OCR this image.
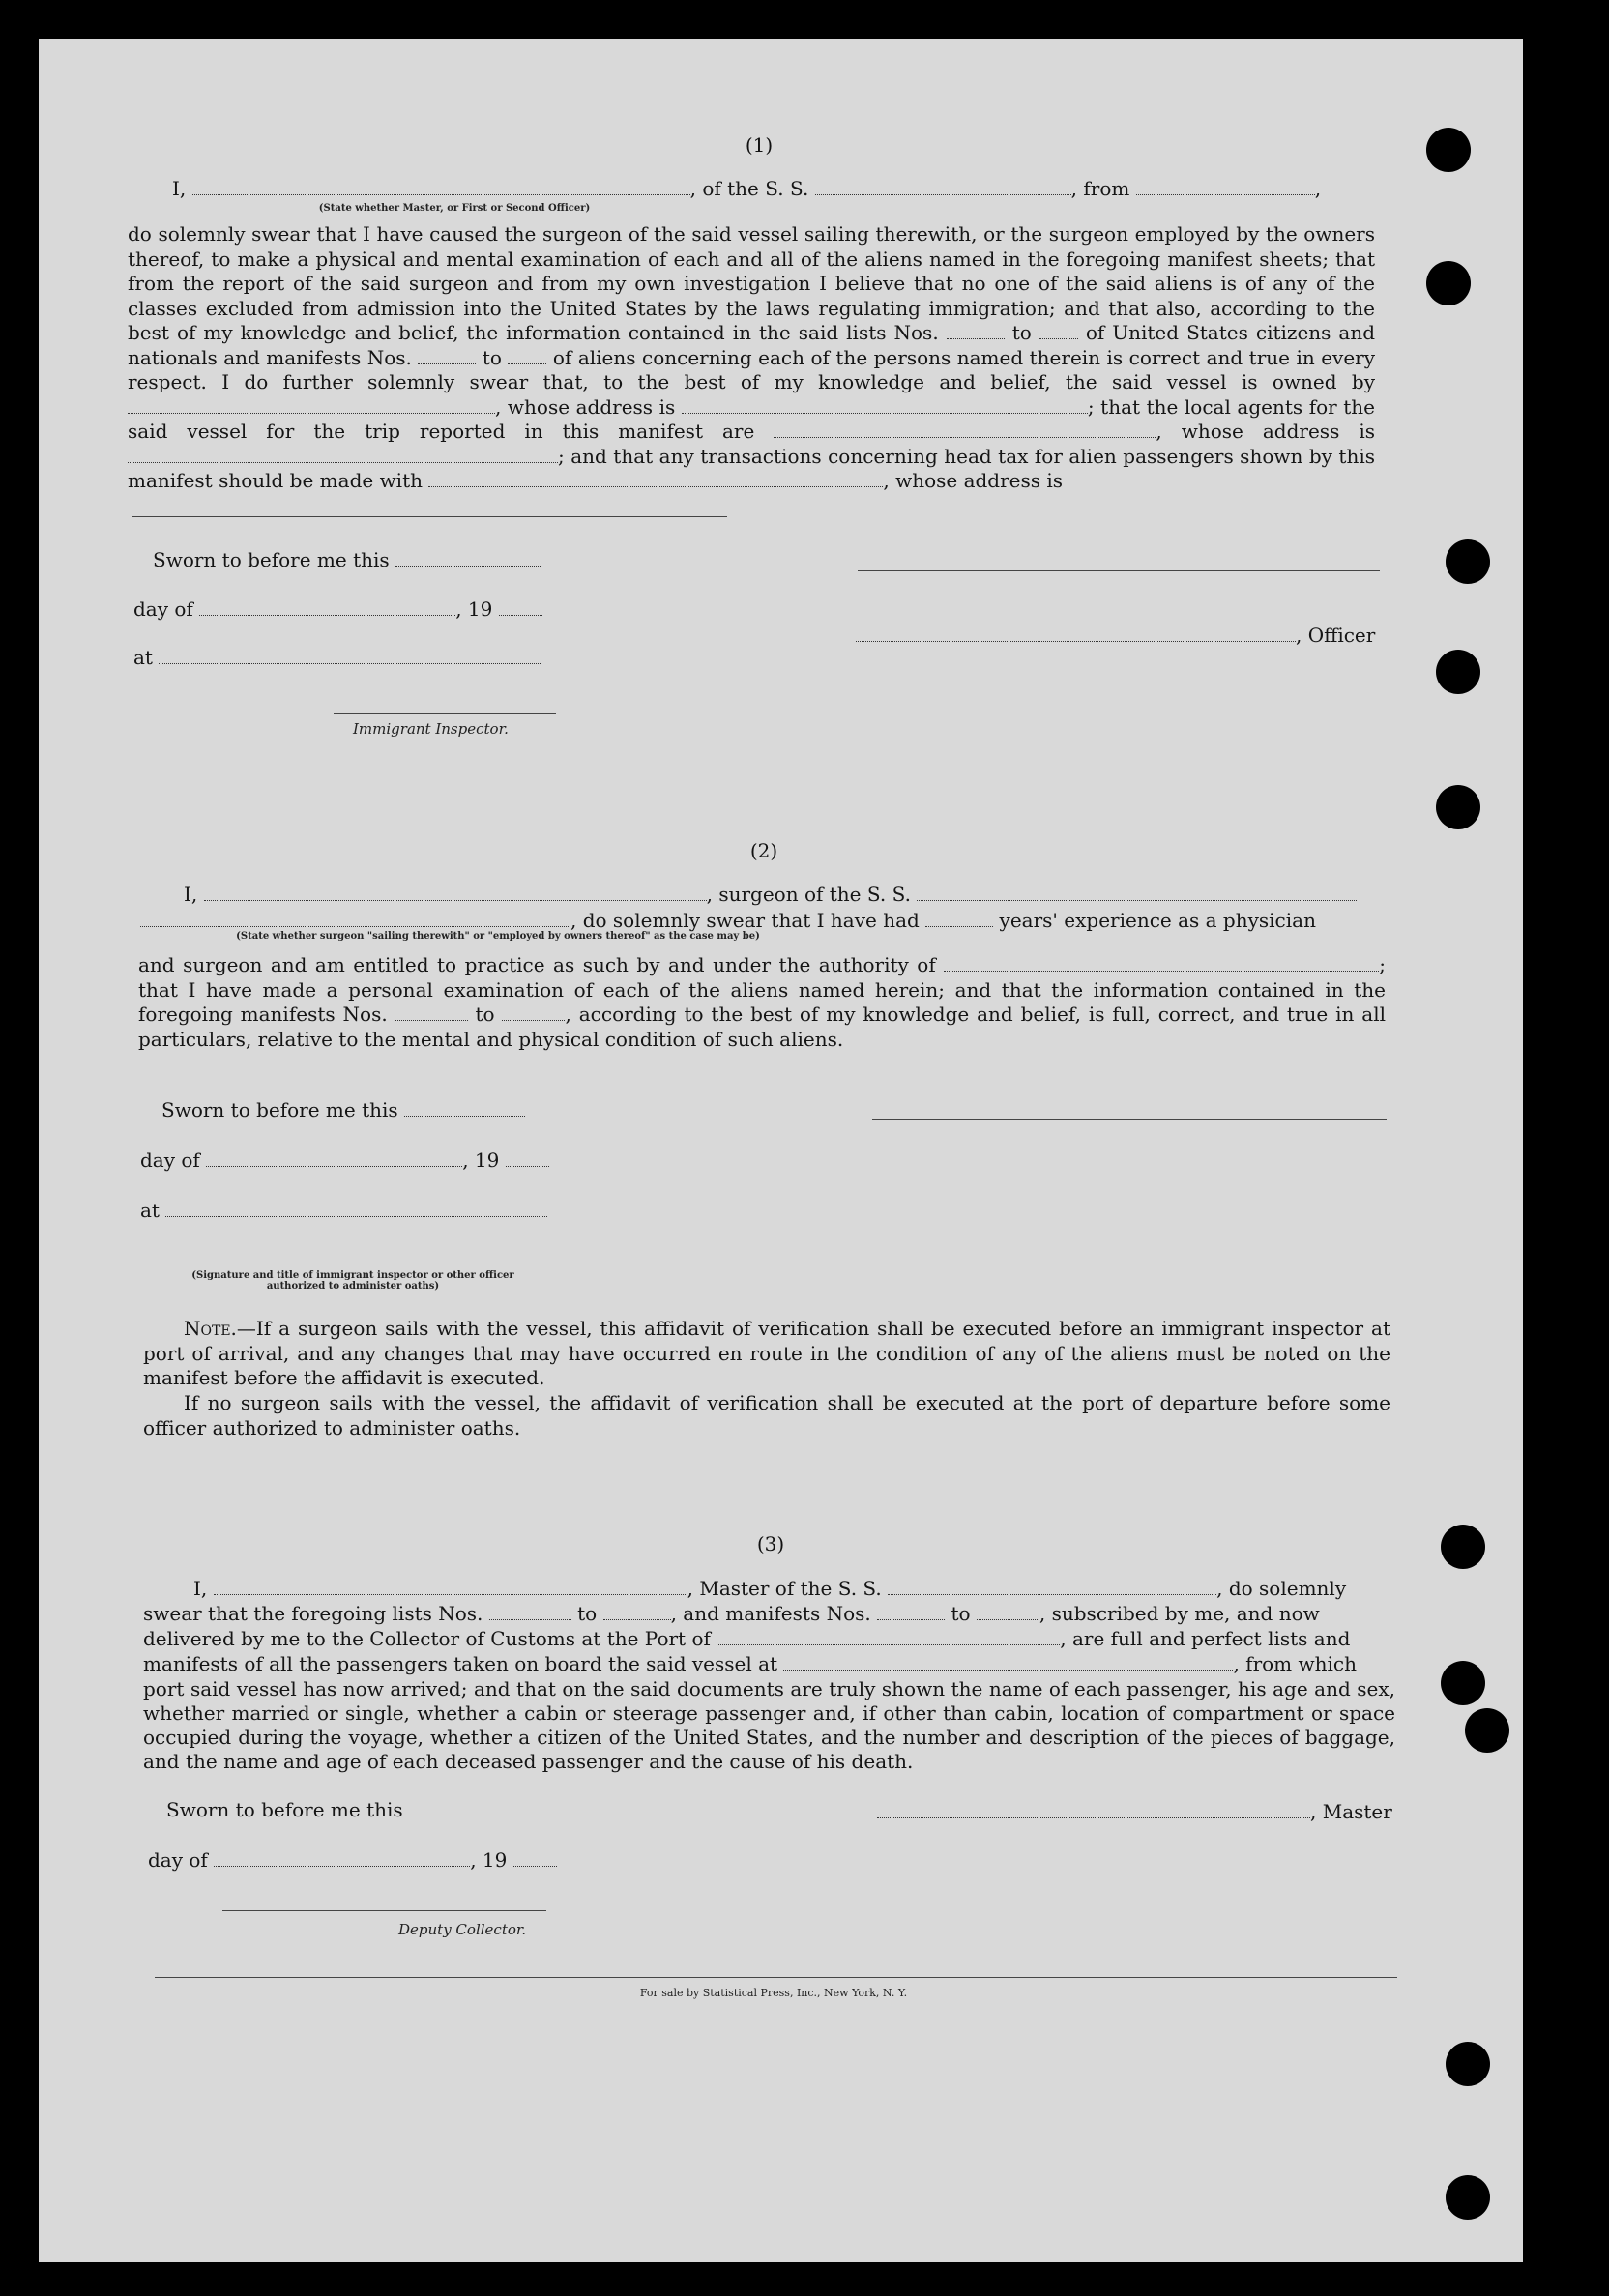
(1)
I,	, of the S. S.	, from	,
(State whether Master, or First or Second Officer)

do solemnly swear that I have caused the surgeon of the said vessel sailing therewith, or the surgeon employed by the owners thereof, to make a physical and mental examination of each and all of the aliens named in the foregoing manifest sheets; that from the report of the said surgeon and from my own investigation I believe that no one of the said aliens is of any of the classes excluded from admission into the United States by the laws regulating immigration; and that also, according to the best of my knowledge and belief, the information contained in the said lists Nos.	to	of United States citizens and nationals and manifests Nos.	to	of aliens concerning each of the persons named therein is correct and true in every respect. I do further solemnly swear that, to the best of my knowledge and belief, the said vessel is owned by , whose address is	; that the local agents for the said vessel for the trip reported in this manifest are	, whose address is ; and that any transactions concerning head tax for alien passengers shown by this manifest should be made with	, whose address is

Sworn to before me this
day of	, 19
, Officer
at
Immigrant Inspector.
(2)
I,	, surgeon of the S. S.
, do solemnly swear that I have had	years' experience as a physician
(State whether surgeon "sailing therewith" or "employed by owners thereof" as the case may be)

and surgeon and am entitled to practice as such by and under the authority of	; that I have made a personal examination of each of the aliens named herein; and that the information contained in the foregoing manifests Nos.	to	, according to the best of my knowledge and belief, is full, correct, and true in all particulars, relative to the mental and physical condition of such aliens.

Sworn to before me this
day of	, 19
at
(Signature and title of immigrant inspector or other officer authorized to administer oaths)

Note.—If a surgeon sails with the vessel, this affidavit of verification shall be executed before an immigrant inspector at port of arrival, and any changes that may have occurred en route in the condition of any of the aliens must be noted on the manifest before the affidavit is executed.

If no surgeon sails with the vessel, the affidavit of verification shall be executed at the port of departure before some officer authorized to administer oaths.

(3)
I,	, Master of the S. S.	, do solemnly
swear that the foregoing lists Nos.	to	, and manifests Nos.	to	, subscribed by me, and now
delivered by me to the Collector of Customs at the Port of	, are full and perfect lists and
manifests of all the passengers taken on board the said vessel at	, from which

port said vessel has now arrived; and that on the said documents are truly shown the name of each passenger, his age and sex, whether married or single, whether a cabin or steerage passenger and, if other than cabin, location of compartment or space occupied during the voyage, whether a citizen of the United States, and the number and description of the pieces of baggage, and the name and age of each deceased passenger and the cause of his death.

Sworn to before me this	, Master
day of	, 19
Deputy Collector.
For sale by Statistical Press, Inc., New York, N. Y.
